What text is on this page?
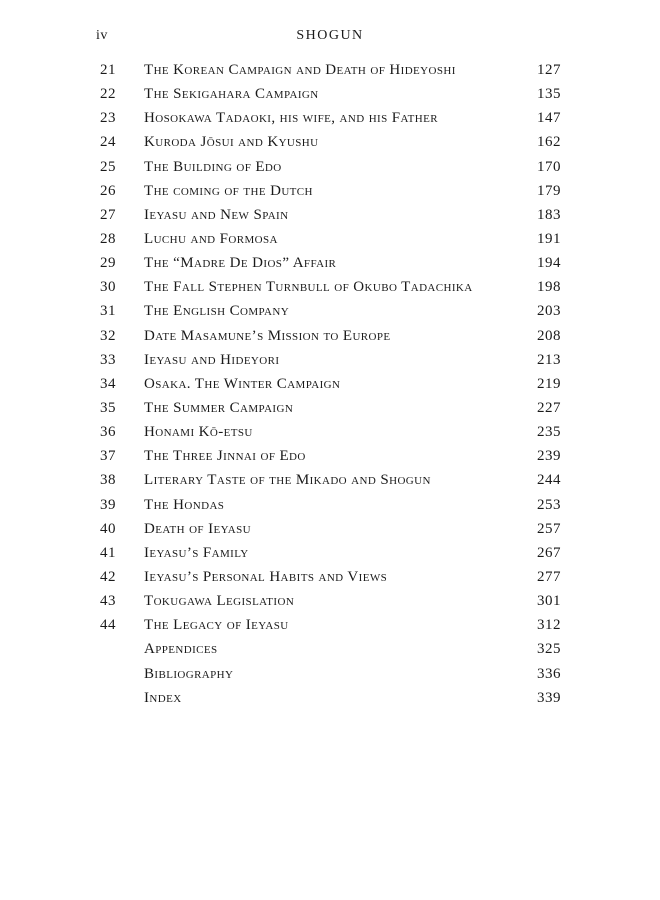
iv	SHOGUN
21	The Korean Campaign and Death of Hideyoshi	127
22	The Sekigahara Campaign	135
23	Hosokawa Tadaoki, his wife, and his Father	147
24	Kuroda Jōsui and Kyushu	162
25	The Building of Edo	170
26	The coming of the Dutch	179
27	Ieyasu and New Spain	183
28	Luchu and Formosa	191
29	The “Madre De Dios” Affair	194
30	The Fall Stephen Turnbull of Okubo Tadachika	198
31	The English Company	203
32	Date Masamune’s Mission to Europe	208
33	Ieyasu and Hideyori	213
34	Osaka. The Winter Campaign	219
35	The Summer Campaign	227
36	Honami Kō-etsu	235
37	The Three Jinnai of Edo	239
38	Literary Taste of the Mikado and Shogun	244
39	The Hondas	253
40	Death of Ieyasu	257
41	Ieyasu’s Family	267
42	Ieyasu’s Personal Habits and Views	277
43	Tokugawa Legislation	301
44	The Legacy of Ieyasu	312
Appendices	325
Bibliography	336
Index	339
